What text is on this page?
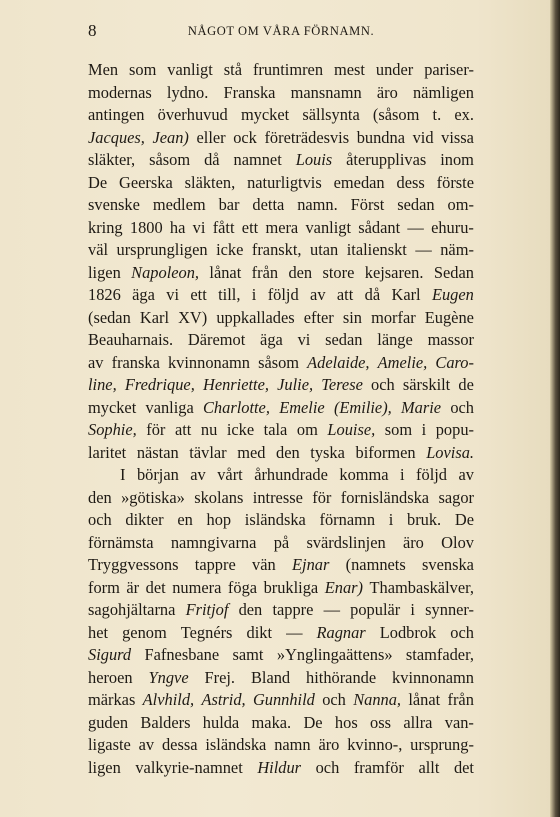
8	NÅGOT OM VÅRA FÖRNAMN.
Men som vanligt stå fruntimren mest under pariser-
modernas lydno. Franska mansnamn äro nämligen
antingen överhuvud mycket sällsynta (såsom t. ex.
Jacques, Jean) eller ock företrädesvis bundna vid vissa
släkter, såsom då namnet Louis återupplivas inom
De Geerska släkten, naturligtvis emedan dess förste
svenske medlem bar detta namn. Först sedan om-
kring 1800 ha vi fått ett mera vanligt sådant — ehuru-
väl ursprungligen icke franskt, utan italienskt — näm-
ligen Napoleon, lånat från den store kejsaren. Sedan
1826 äga vi ett till, i följd av att då Karl Eugen
(sedan Karl XV) uppkallades efter sin morfar Eugène
Beauharnais. Däremot äga vi sedan länge massor
av franska kvinnonamn såsom Adelaide, Amelie, Caro-
line, Fredrique, Henriette, Julie, Terese och särskilt de
mycket vanliga Charlotte, Emelie (Emilie), Marie och
Sophie, för att nu icke tala om Louise, som i popu-
laritet nästan tävlar med den tyska biformen Lovisa.
I början av vårt århundrade komma i följd av
den »götiska» skolans intresse för fornisländska sagor
och dikter en hop isländska förnamn i bruk. De
förnämsta namngivarna på svärdslinjen äro Olov
Tryggvessons tappre vän Ejnar (namnets svenska
form är det numera föga brukliga Enar) Thambaskälver,
sagohjältarna Fritjof den tappre — populär i synner-
het genom Tegnérs dikt — Ragnar Lodbrok och
Sigurd Fafnesbane samt »Ynglingaättens» stamfader,
heroen Yngve Frej. Bland hithörande kvinnonamn
märkas Alvhild, Astrid, Gunnhild och Nanna, lånat från
guden Balders hulda maka. De hos oss allra van-
ligaste av dessa isländska namn äro kvinno-, ursprung-
ligen valkyrie-namnet Hildur och framför allt det
